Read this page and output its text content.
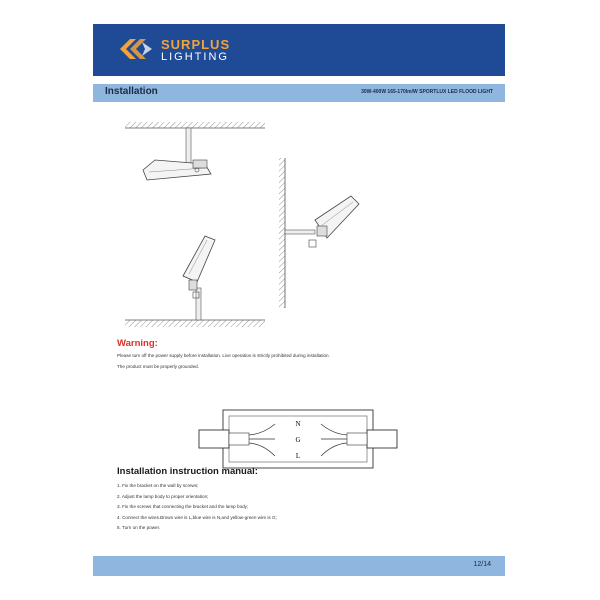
SURPLUS
LIGHTING
Installation	30W-400W 165-170lm/W SPORTLUX LED FLOOD LIGHT
Warning:
Please turn off the power supply before installation. Live operation is strictly prohibited during installation.
The product must be properly grounded.
N
G
L
Installation instruction manual:
1. Fix the bracket on the wall by screws;
2. Adjust the lamp body to proper orientation;
3. Fix the screws that connecting the bracket and the lamp body;
4. Connect the wires.Brown wire is L,blue wire is N,and yellow-green wire is G;
5. Turn on the power.
12/14
